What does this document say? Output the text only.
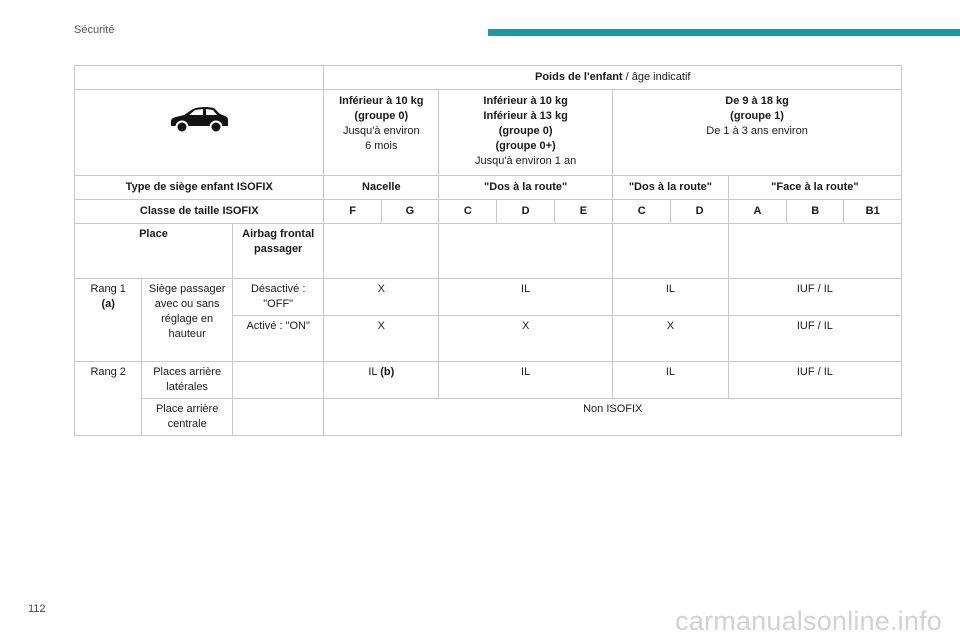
Sécurité
			Poids de l'enfant / âge indicatif									
	Inférieur à 10 kg
(groupe 0)
Jusqu'à environ
6 mois		Inférieur à 10 kg
Inférieur à 13 kg
(groupe 0)
(groupe 0+)
Jusqu'à environ 1 an			De 9 à 18 kg
(groupe 1)
De 1 à 3 ans environ				
Type de siège enfant ISOFIX			Nacelle		"Dos à la route"			"Dos à la route"		"Face à la route"		
Classe de taille ISOFIX			F	G	C	D	E	C	D	A	B	B1
Place		Airbag frontal passager										
Rang 1
(a)	Siège passager avec ou sans réglage en hauteur	Désactivé : "OFF"	X		IL			IL		IUF / IL		
		Activé : "ON"	X		X			X		IUF / IL		
Rang 2	Places arrière latérales		IL (b)		IL			IL		IUF / IL		
	Place arrière centrale		Non ISOFIX									
112	carmanualsonline.info
